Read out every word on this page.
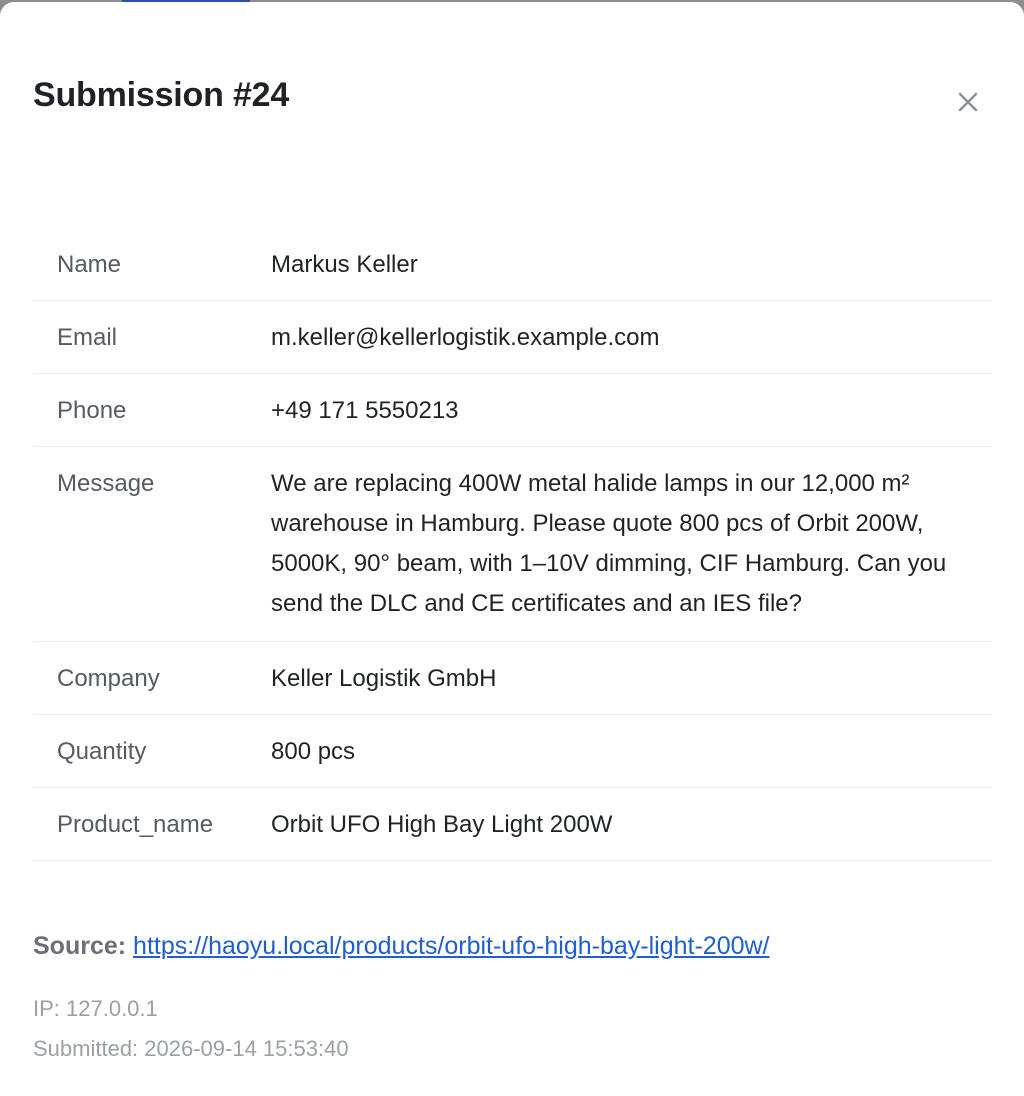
Submission #24
Name	Markus Keller
Email	m.keller@kellerlogistik.example.com
Phone	+49 171 5550213
Message	We are replacing 400W metal halide lamps in our 12,000 m² warehouse in Hamburg. Please quote 800 pcs of Orbit 200W, 5000K, 90° beam, with 1–10V dimming, CIF Hamburg. Can you send the DLC and CE certificates and an IES file?
Company	Keller Logistik GmbH
Quantity	800 pcs
Product_name	Orbit UFO High Bay Light 200W
Source: https://haoyu.local/products/orbit-ufo-high-bay-light-200w/
IP: 127.0.0.1
Submitted: 2026-09-14 15:53:40
